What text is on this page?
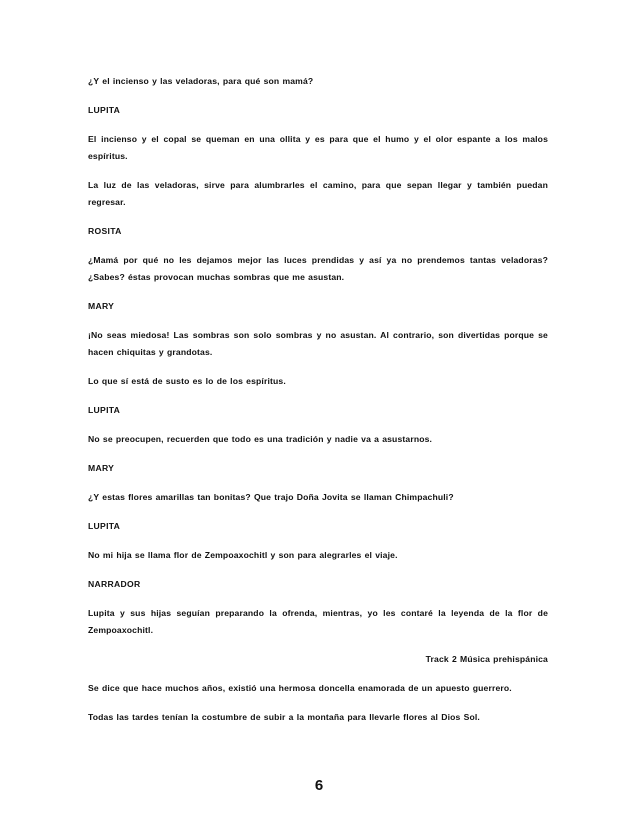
¿Y el incienso y las veladoras, para qué son mamá?

LUPITA

El incienso y el copal se queman en una ollita y es para que el humo y el olor espante a los malos espíritus.

La luz de las veladoras, sirve para alumbrarles el camino, para que sepan llegar y también puedan regresar.

ROSITA

¿Mamá por qué no les dejamos mejor las luces prendidas y así ya no prendemos tantas veladoras? ¿Sabes? éstas provocan muchas sombras que me asustan.

MARY

¡No seas miedosa! Las sombras son solo sombras y no asustan. Al contrario, son divertidas porque se hacen chiquitas y grandotas.

Lo que sí está de susto es lo de los espíritus.

LUPITA

No se preocupen, recuerden que todo es una tradición y nadie va a asustarnos.

MARY

¿Y estas flores amarillas tan bonitas? Que trajo Doña Jovita se llaman Chimpachuli?

LUPITA

No mi hija se llama flor de Zempoaxochitl y son para alegrarles el viaje.

NARRADOR

Lupita y sus hijas seguían preparando la ofrenda, mientras, yo les contaré la leyenda de la flor de Zempoaxochitl.

Track 2 Música prehispánica

Se dice que hace muchos años, existió una hermosa doncella enamorada de un apuesto guerrero.

Todas las tardes tenían la costumbre de subir a la montaña para llevarle flores al Dios Sol.

6
